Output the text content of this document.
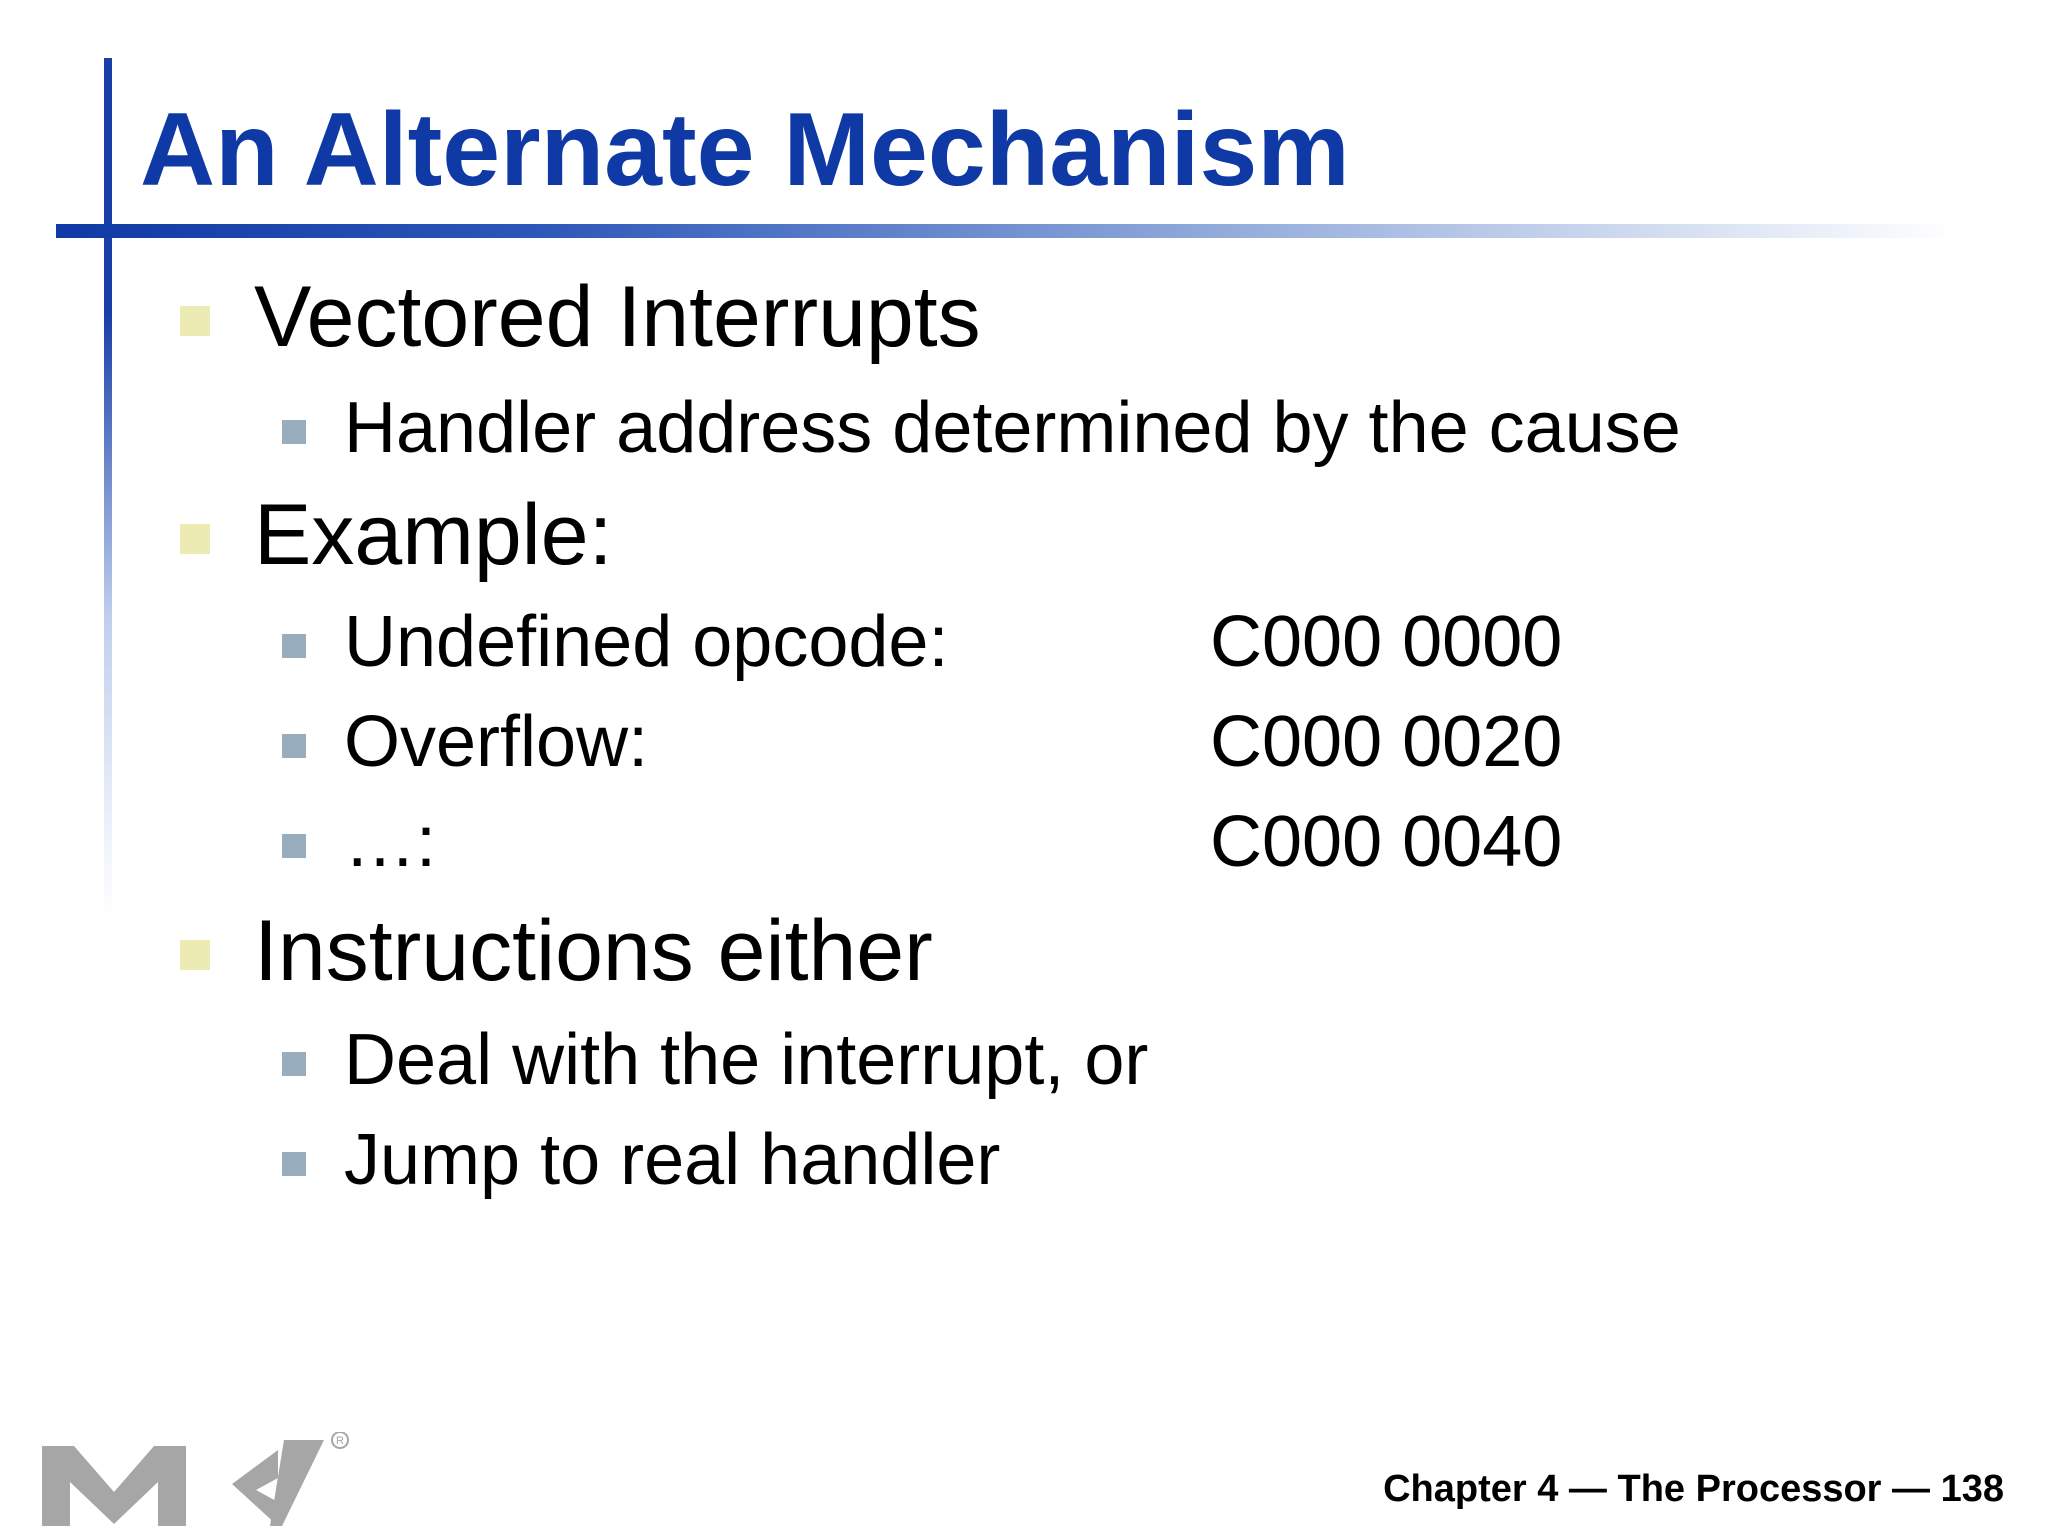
An Alternate Mechanism
Vectored Interrupts
Handler address determined by the cause
Example:
Undefined opcode:	C000 0000
Overflow:	C000 0020
…:	C000 0040
Instructions either
Deal with the interrupt, or
Jump to real handler
R
Chapter 4 — The Processor — 138
